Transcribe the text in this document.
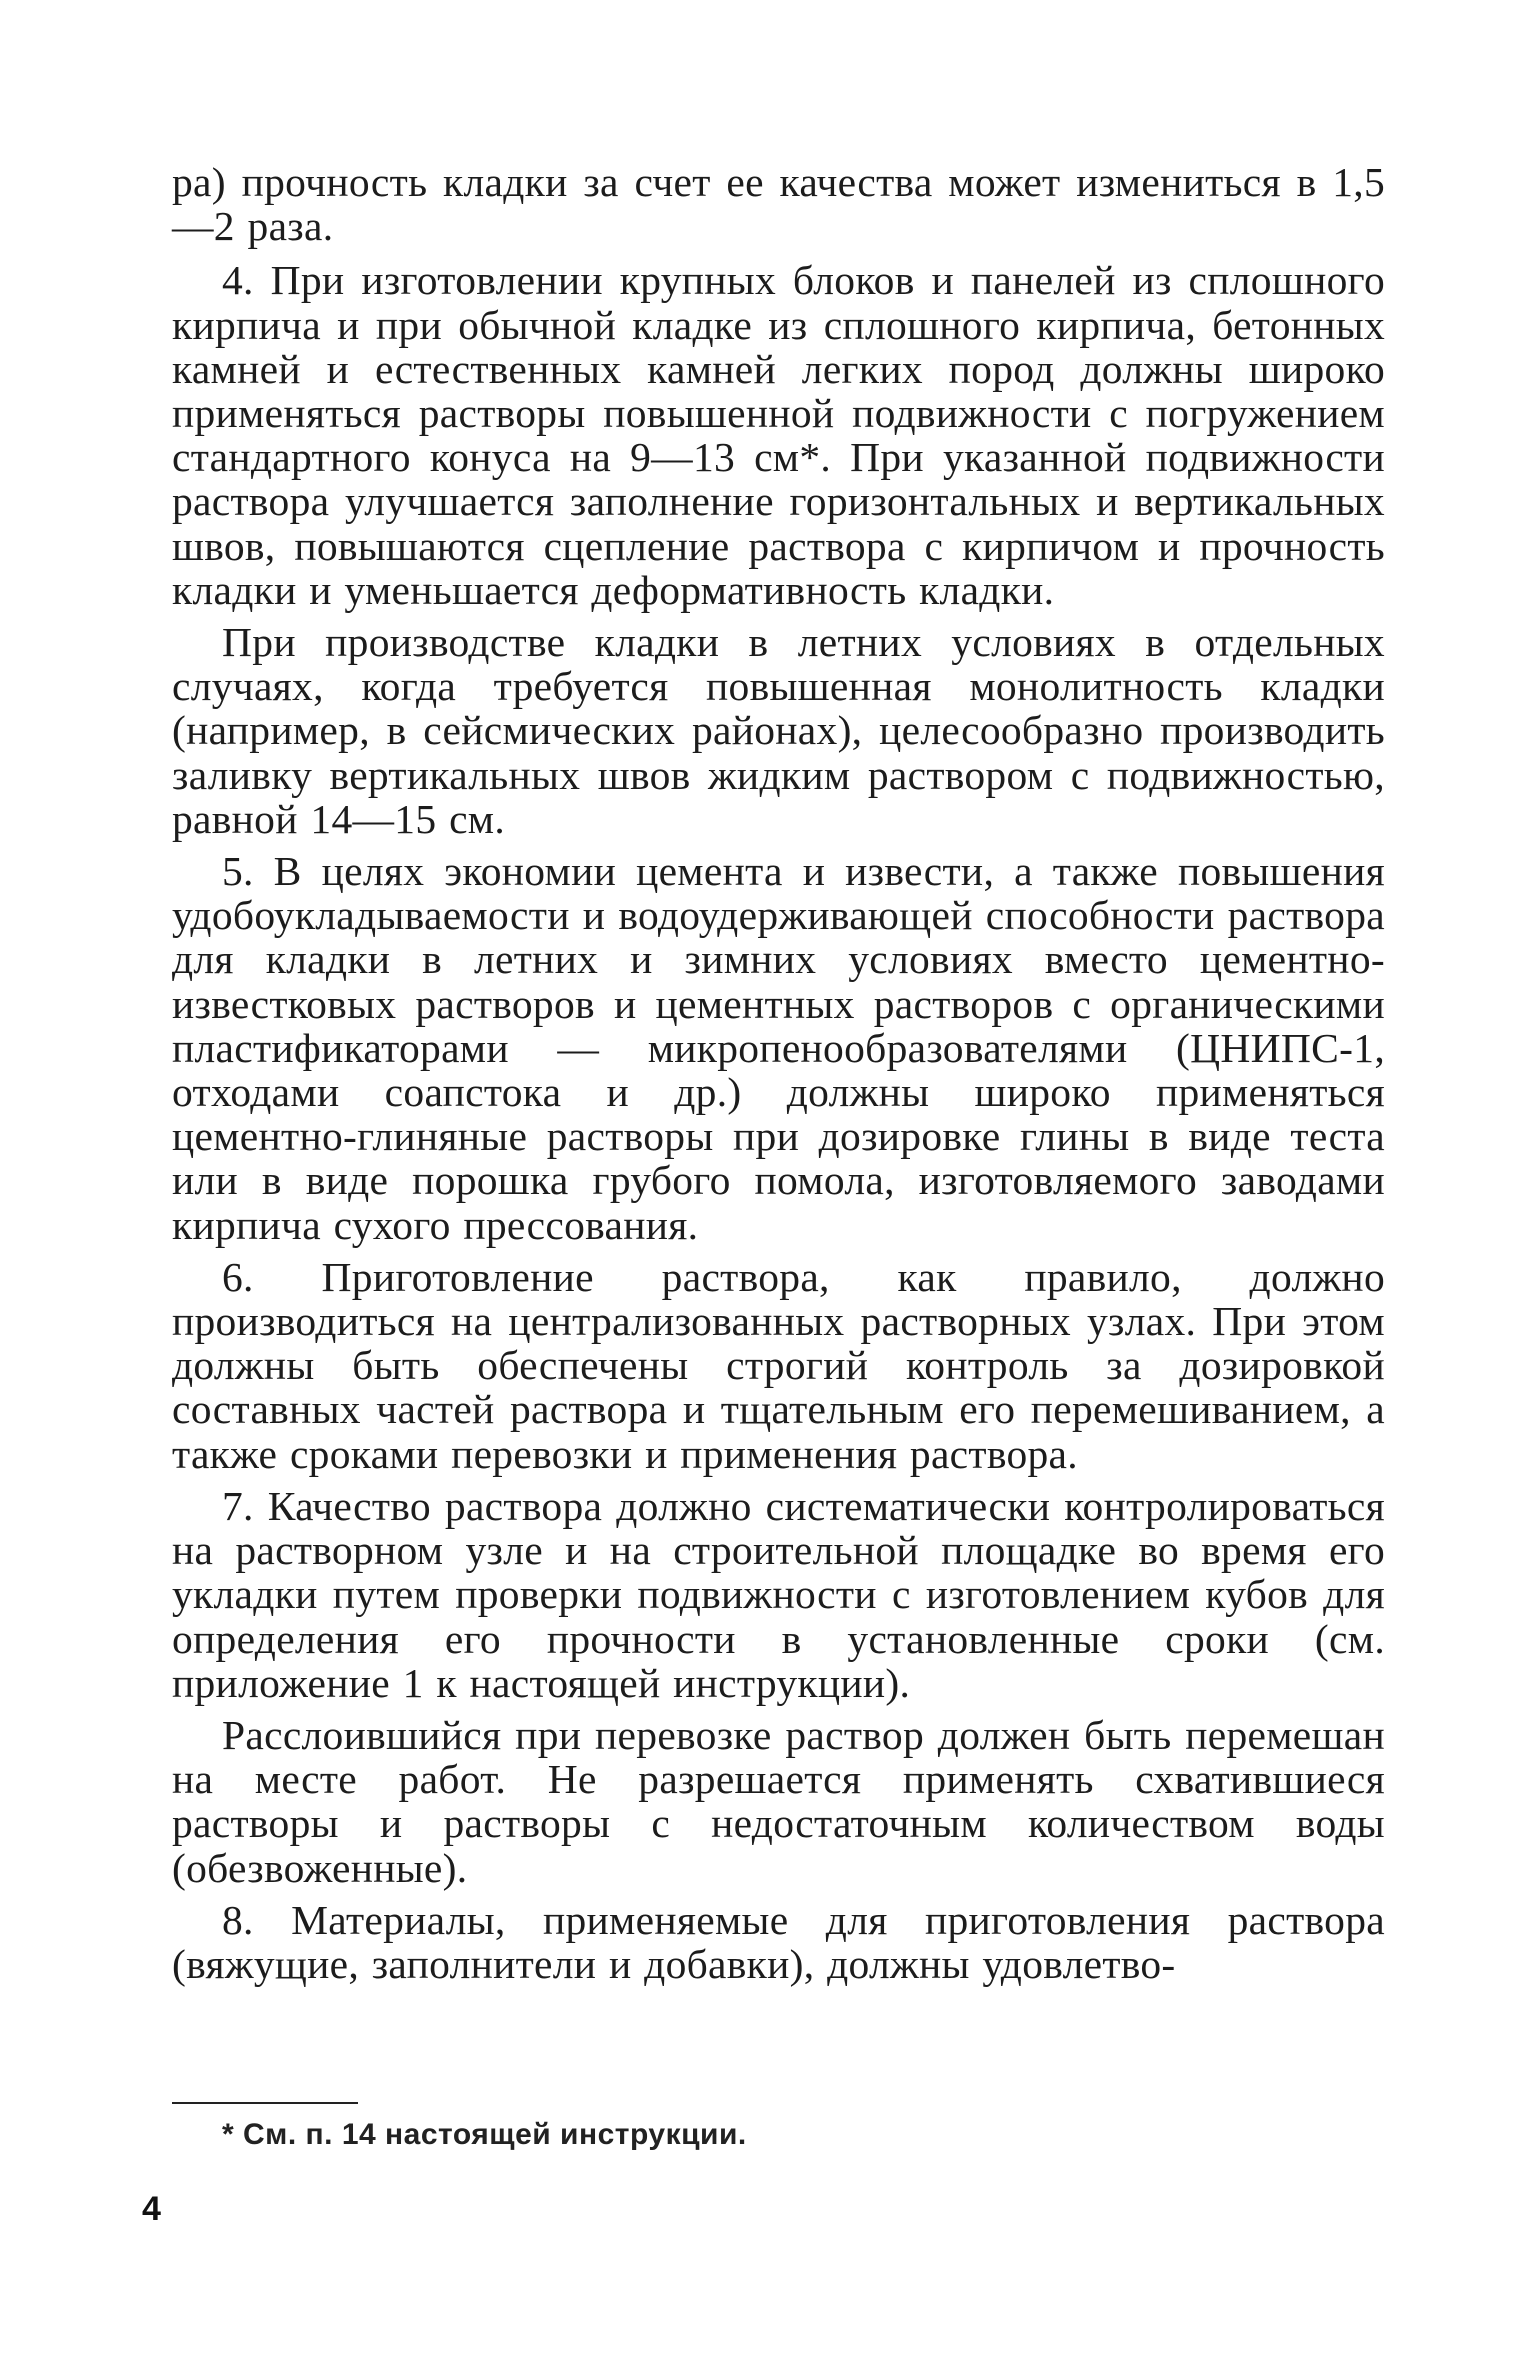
ра) прочность кладки за счет ее качества может измениться в 1,5—2 раза.

4. При изготовлении крупных блоков и панелей из сплошного кирпича и при обычной кладке из сплошного кирпича, бетонных камней и естественных камней легких пород должны широко применяться растворы повышенной подвижности с погружением стандартного конуса на 9—13 см*. При указанной подвижности раствора улучшается заполнение горизонтальных и вертикальных швов, повышаются сцепление раствора с кирпичом и прочность кладки и уменьшается деформативность кладки.

При производстве кладки в летних условиях в отдельных случаях, когда требуется повышенная монолитность кладки (например, в сейсмических районах), целесообразно производить заливку вертикальных швов жидким раствором с подвижностью, равной 14—15 см.

5. В целях экономии цемента и извести, а также повышения удобоукладываемости и водоудерживающей способности раствора для кладки в летних и зимних условиях вместо цементно-известковых растворов и цементных растворов с органическими пластификаторами — микропенообразователями (ЦНИПС-1, отходами соапстока и др.) должны широко применяться цементно-глиняные растворы при дозировке глины в виде теста или в виде порошка грубого помола, изготовляемого заводами кирпича сухого прессования.

6. Приготовление раствора, как правило, должно производиться на централизованных растворных узлах. При этом должны быть обеспечены строгий контроль за дозировкой составных частей раствора и тщательным его перемешиванием, а также сроками перевозки и применения раствора.

7. Качество раствора должно систематически контролироваться на растворном узле и на строительной площадке во время его укладки путем проверки подвижности с изготовлением кубов для определения его прочности в установленные сроки (см. приложение 1 к настоящей инструкции).

Расслоившийся при перевозке раствор должен быть перемешан на месте работ. Не разрешается применять схватившиеся растворы и растворы с недостаточным количеством воды (обезвоженные).

8. Материалы, применяемые для приготовления раствора (вяжущие, заполнители и добавки), должны удовлетво-

* См. п. 14 настоящей инструкции.
4
